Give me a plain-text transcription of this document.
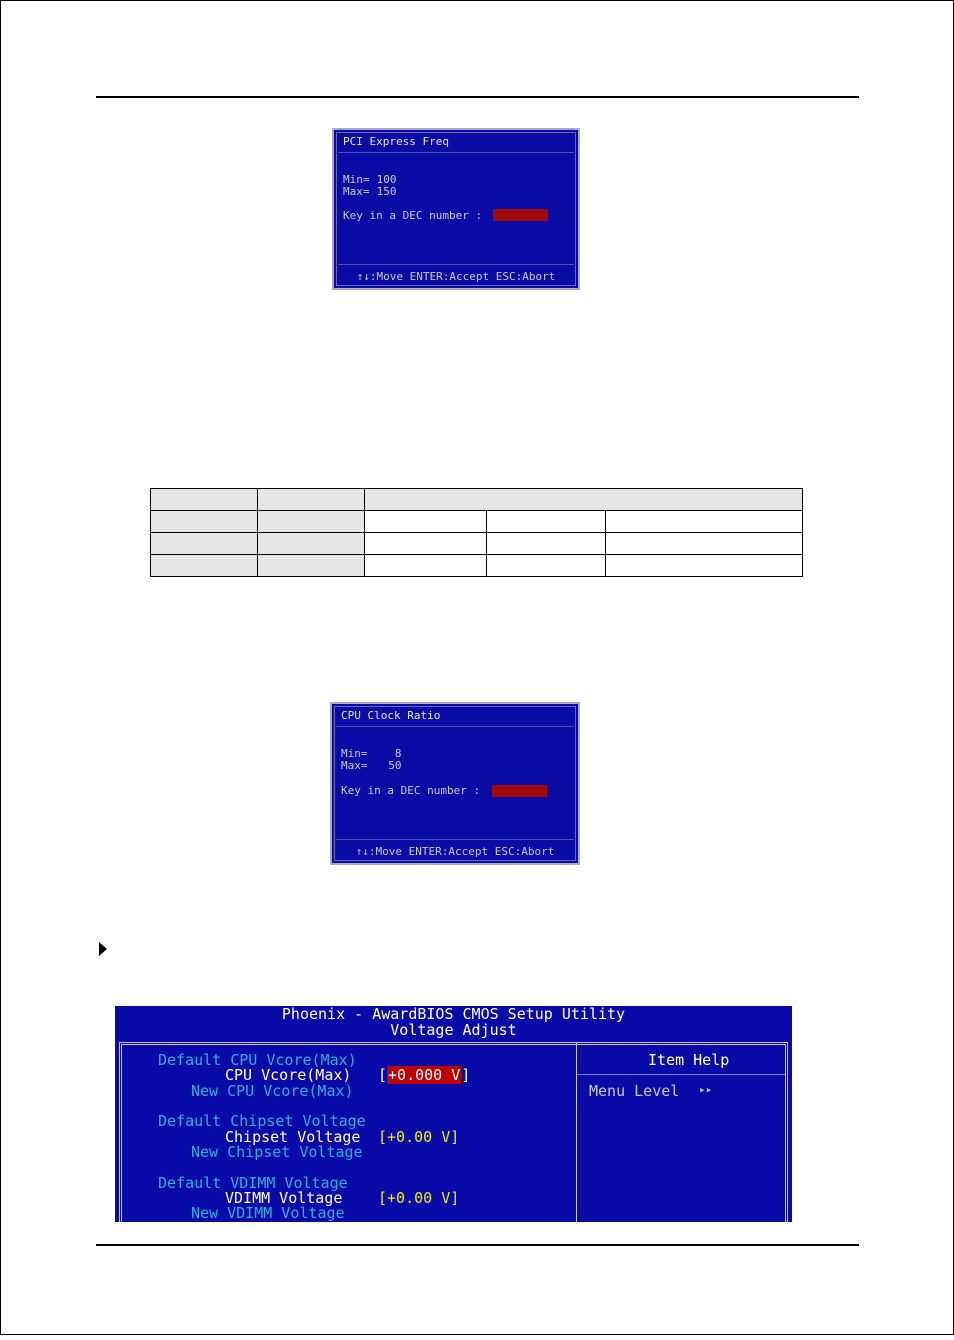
PCI Express Freq
Min= 100
Max= 150
Key in a DEC number :
↑↓:Move ENTER:Accept ESC:Abort

CPU Clock Ratio
Min= 8
Max= 50
Key in a DEC number :
↑↓:Move ENTER:Accept ESC:Abort
Phoenix - AwardBIOS CMOS Setup Utility
Voltage Adjust
Item Help
Menu Level ▸▸
Default CPU Vcore(Max)
CPU Vcore(Max) [+0.000 V]
New CPU Vcore(Max)
Default Chipset Voltage
Chipset Voltage [+0.00 V]
New Chipset Voltage
Default VDIMM Voltage
VDIMM Voltage [+0.00 V]
New VDIMM Voltage
